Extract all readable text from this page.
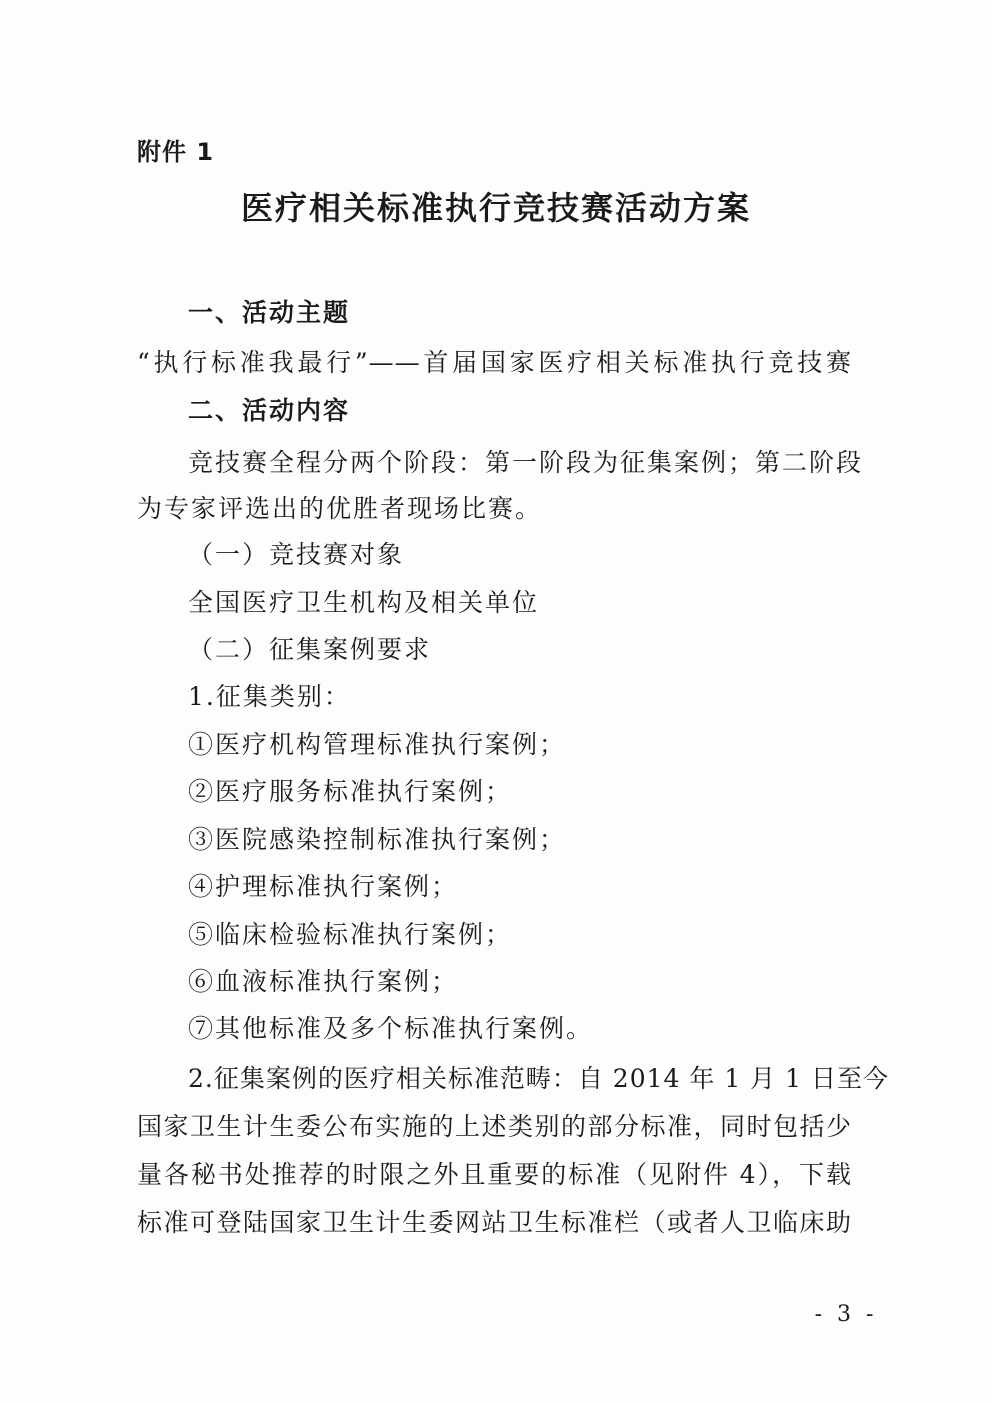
附件 1
医疗相关标准执行竞技赛活动方案
一、活动主题
“执行标准我最行”——首届国家医疗相关标准执行竞技赛
二、活动内容
竞技赛全程分两个阶段：第一阶段为征集案例；第二阶段
为专家评选出的优胜者现场比赛。
（一）竞技赛对象
全国医疗卫生机构及相关单位
（二）征集案例要求
1.征集类别：
①医疗机构管理标准执行案例；
②医疗服务标准执行案例；
③医院感染控制标准执行案例；
④护理标准执行案例；
⑤临床检验标准执行案例；
⑥血液标准执行案例；
⑦其他标准及多个标准执行案例。
2.征集案例的医疗相关标准范畴：自 2014 年 1 月 1 日至今
国家卫生计生委公布实施的上述类别的部分标准，同时包括少
量各秘书处推荐的时限之外且重要的标准（见附件 4），下载
标准可登陆国家卫生计生委网站卫生标准栏（或者人卫临床助
- 3 -
